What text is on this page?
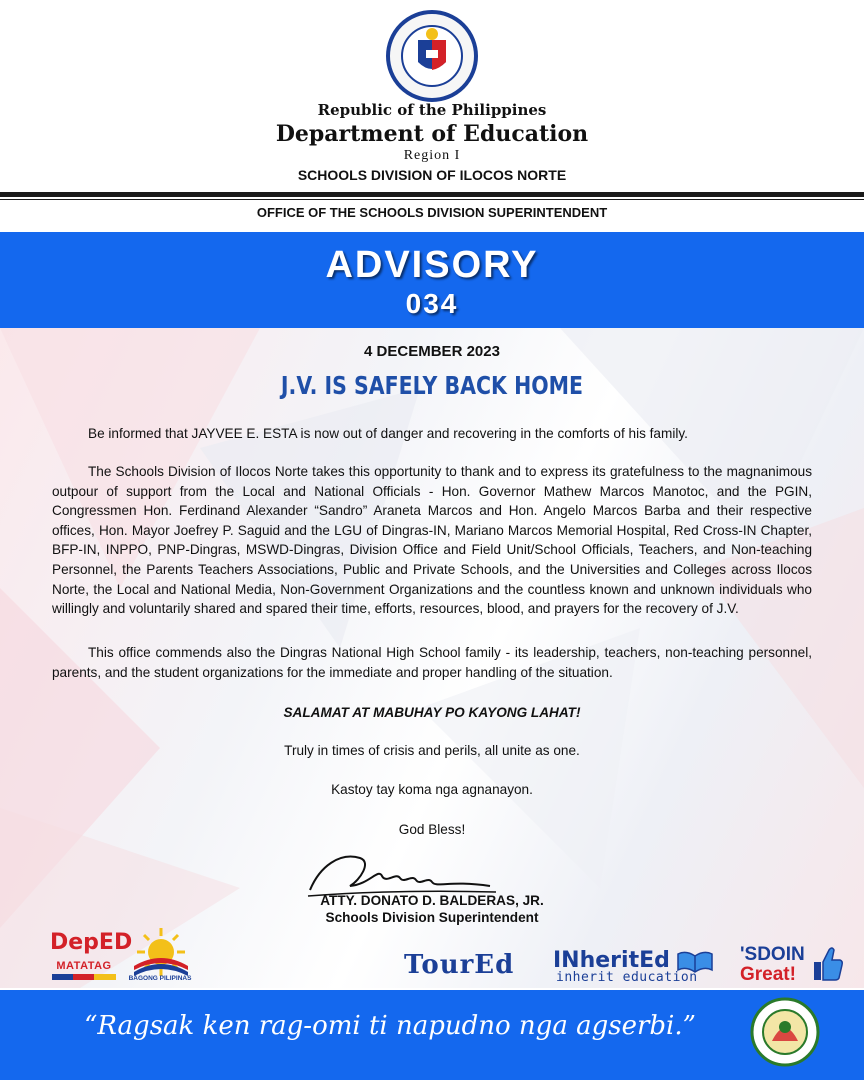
Republic of the Philippines
Department of Education
Region I
SCHOOLS DIVISION OF ILOCOS NORTE
OFFICE OF THE SCHOOLS DIVISION SUPERINTENDENT
ADVISORY
034
4 DECEMBER 2023
J.V. IS SAFELY BACK HOME

Be informed that JAYVEE E. ESTA is now out of danger and recovering in the comforts of his family.

The Schools Division of Ilocos Norte takes this opportunity to thank and to express its gratefulness to the magnanimous outpour of support from the Local and National Officials - Hon. Governor Mathew Marcos Manotoc, and the PGIN, Congressmen Hon. Ferdinand Alexander “Sandro” Araneta Marcos and Hon. Angelo Marcos Barba and their respective offices, Hon. Mayor Joefrey P. Saguid and the LGU of Dingras-IN, Mariano Marcos Memorial Hospital, Red Cross-IN Chapter, BFP-IN, INPPO, PNP-Dingras, MSWD-Dingras, Division Office and Field Unit/School Officials, Teachers, and Non-teaching Personnel, the Parents Teachers Associations, Public and Private Schools, and the Universities and Colleges across Ilocos Norte, the Local and National Media, Non-Government Organizations and the countless known and unknown individuals who willingly and voluntarily shared and spared their time, efforts, resources, blood, and prayers for the recovery of J.V.

This office commends also the Dingras National High School family - its leadership, teachers, non-teaching personnel, parents, and the student organizations for the immediate and proper handling of the situation.

SALAMAT AT MABUHAY PO KAYONG LAHAT!
Truly in times of crisis and perils, all unite as one.
Kastoy tay koma nga agnanayon.
God Bless!
ATTY. DONATO D. BALDERAS, JR.
Schools Division Superintendent
DepED
MATATAG
BAGONG PILIPINAS	TourEd INheritEd
inherit education
'SDOIN
Great!
“Ragsak ken rag-omi ti napudno nga agserbi.”
